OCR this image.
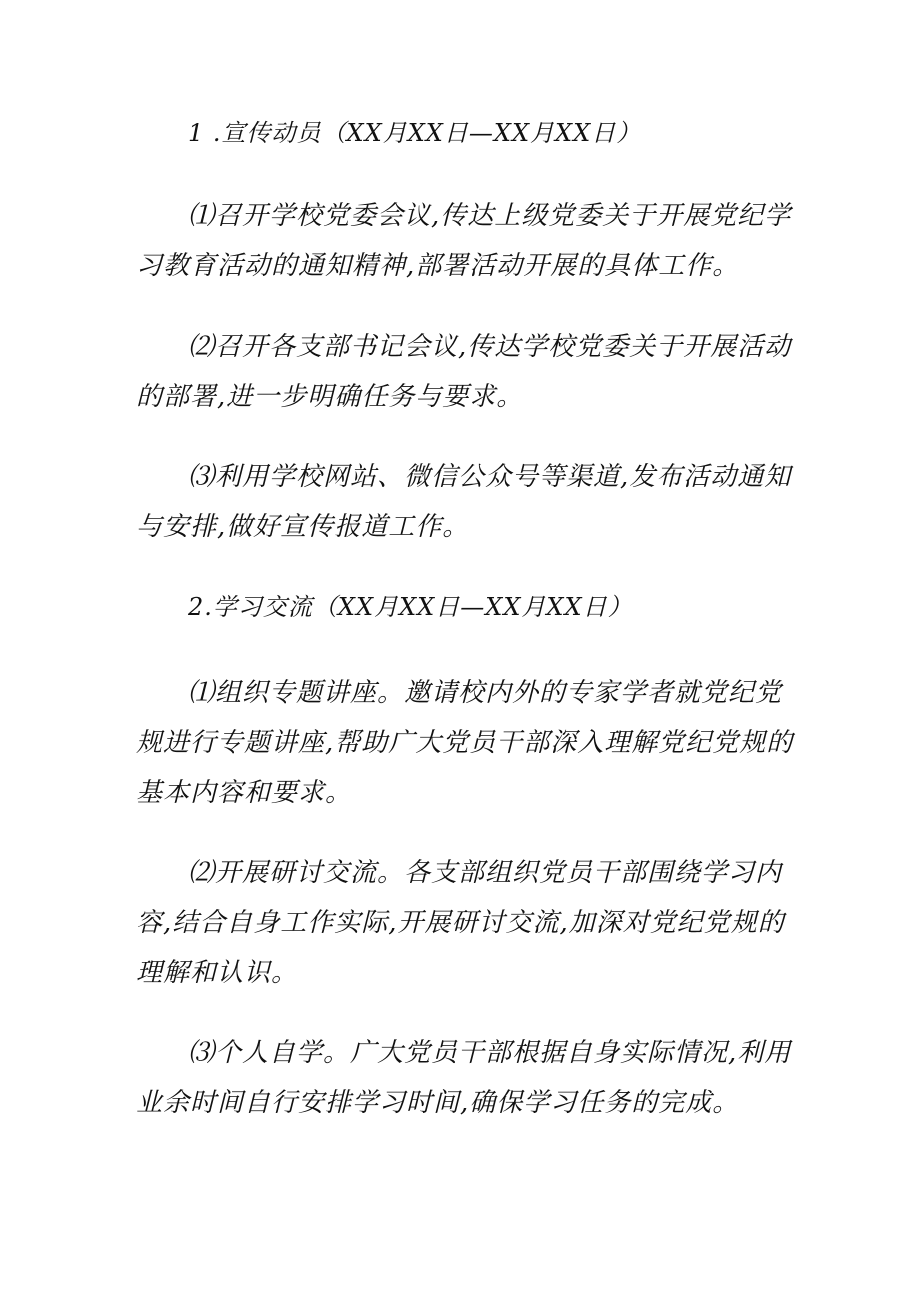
1 .宣传动员（XX月XX日—XX月XX日）

⑴召开学校党委会议,传达上级党委关于开展党纪学习教育活动的通知精神,部署活动开展的具体工作。

⑵召开各支部书记会议,传达学校党委关于开展活动的部署,进一步明确任务与要求。

⑶利用学校网站、微信公众号等渠道,发布活动通知与安排,做好宣传报道工作。

2.学习交流（XX月XX日—XX月XX日）

⑴组织专题讲座。邀请校内外的专家学者就党纪党规进行专题讲座,帮助广大党员干部深入理解党纪党规的基本内容和要求。

⑵开展研讨交流。各支部组织党员干部围绕学习内容,结合自身工作实际,开展研讨交流,加深对党纪党规的理解和认识。

⑶个人自学。广大党员干部根据自身实际情况,利用业余时间自行安排学习时间,确保学习任务的完成。
